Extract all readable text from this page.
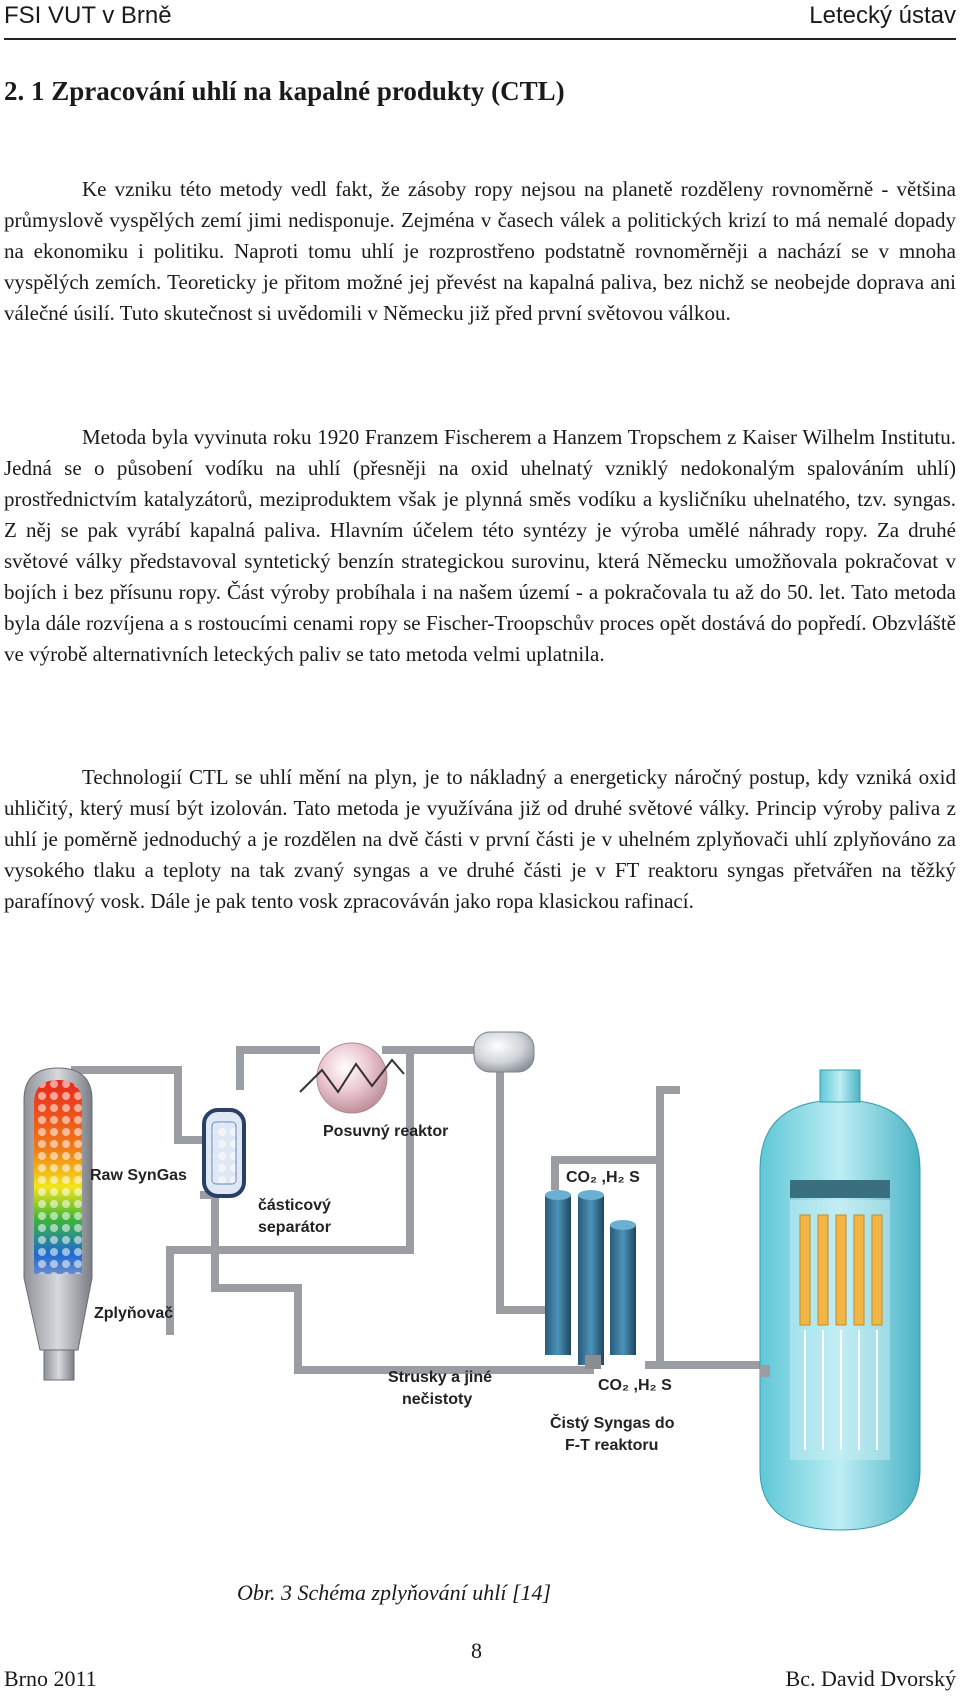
FSI VUT v Brně	Letecký ústav
2. 1 Zpracování uhlí na kapalné produkty (CTL)

Ke vzniku této metody vedl fakt, že zásoby ropy nejsou na planetě rozděleny rovnoměrně - většina průmyslově vyspělých zemí jimi nedisponuje. Zejména v časech válek a politických krizí to má nemalé dopady na ekonomiku i politiku. Naproti tomu uhlí je rozprostřeno podstatně rovnoměrněji a nachází se v mnoha vyspělých zemích. Teoreticky je přitom možné jej převést na kapalná paliva, bez nichž se neobejde doprava ani válečné úsilí. Tuto skutečnost si uvědomili v Německu již před první světovou válkou.

Metoda byla vyvinuta roku 1920 Franzem Fischerem a Hanzem Tropschem z Kaiser Wilhelm Institutu. Jedná se o působení vodíku na uhlí (přesněji na oxid uhelnatý vzniklý nedokonalým spalováním uhlí) prostřednictvím katalyzátorů, meziproduktem však je plynná směs vodíku a kysličníku uhelnatého, tzv. syngas. Z něj se pak vyrábí kapalná paliva. Hlavním účelem této syntézy je výroba umělé náhrady ropy. Za druhé světové války představoval syntetický benzín strategickou surovinu, která Německu umožňovala pokračovat v bojích i bez přísunu ropy. Část výroby probíhala i na našem území - a pokračovala tu až do 50. let. Tato metoda byla dále rozvíjena a s rostoucími cenami ropy se Fischer-Troopschův proces opět dostává do popředí. Obzvláště ve výrobě alternativních leteckých paliv se tato metoda velmi uplatnila.

Technologií CTL se uhlí mění na plyn, je to nákladný a energeticky náročný postup, kdy vzniká oxid uhličitý, který musí být izolován. Tato metoda je využívána již od druhé světové války. Princip výroby paliva z uhlí je poměrně jednoduchý a je rozdělen na dvě části v první části je v uhelném zplyňovači uhlí zplyňováno za vysokého tlaku a teploty na tak zvaný syngas a ve druhé části je v FT reaktoru syngas přetvářen na těžký parafínový vosk. Dále je pak tento vosk zpracováván jako ropa klasickou rafinací.

Posuvný reaktor
CO₂ ,H₂ S
Raw SynGas
částicový
separátor
Zplyňovač
Strusky a jiné
nečistoty
CO₂ ,H₂ S
Čistý Syngas do
F-T reaktoru
Obr. 3 Schéma zplyňování uhlí [14]
8
Brno 2011	Bc. David Dvorský
